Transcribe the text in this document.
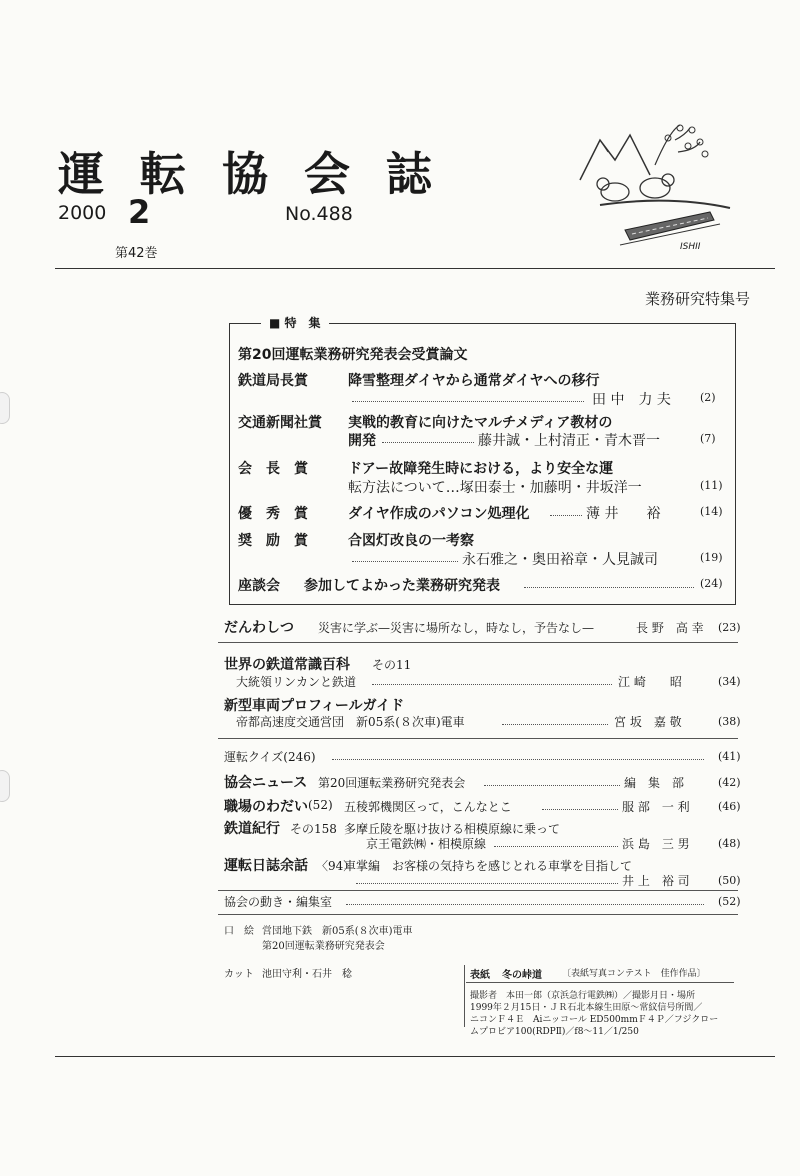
運 転 協 会 誌
2000 2	No.488
第42巻	ISHII
業務研究特集号
■ 特　集
第20回運転業務研究発表会受賞論文
鉄道局長賞	降雪整理ダイヤから通常ダイヤへの移行
田 中　力 夫	(2)
交通新聞社賞 実戦的教育に向けたマルチメディア教材の
開発	藤井誠・上村清正・青木晋一	(7)
会　長　賞	ドアー故障発生時における，より安全な運
転方法について…塚田泰士・加藤明・井坂洋一	(11)
優　秀　賞	ダイヤ作成のパソコン処理化	薄 井　　裕	(14)
奨　励　賞	合図灯改良の一考察
永石雅之・奥田裕章・人見誠司	(19)
座談会 参加してよかった業務研究発表	(24)
だんわしつ 災害に学ぶ—災害に場所なし，時なし，予告なし—	長 野　高 幸 (23)
世界の鉄道常識百科 その11
大統領リンカンと鉄道	江 崎　　昭	(34)
新型車両プロフィールガイド
帝都高速度交通営団　新05系(８次車)電車	宮 坂　嘉 敬	(38)
運転クイズ(246)	(41)
協会ニュース 第20回運転業務研究発表会	編　集　部	(42)
職場のわだい (52) 五稜郭機関区って，こんなとこ	服 部　一 利	(46)
鉄道紀行 その158 多摩丘陵を駆け抜ける相模原線に乗って
京王電鉄㈱・相模原線	浜 島　三 男	(48)
運転日誌余話 〈94〉
車掌編　お客様の気持ちを感じとれる車掌を目指して
井 上　裕 司	(50)
協会の動き・編集室	(52)
口　絵 営団地下鉄　新05系(８次車)電車
第20回運転業務研究発表会
カット 池田守利・石井　稔	表紙 冬の峠道 〔表紙写真コンテスト　佳作作品〕
撮影者　本田一郎（京浜急行電鉄㈱）／撮影月日・場所
1999年２月15日・ＪＲ石北本線生田原～常紋信号所間／
ニコンＦ４Ｅ　Aiニッコール ED500mmＦ４Ｐ／フジクロー
ムプロビア100(RDPⅡ)／f8～11／1/250
